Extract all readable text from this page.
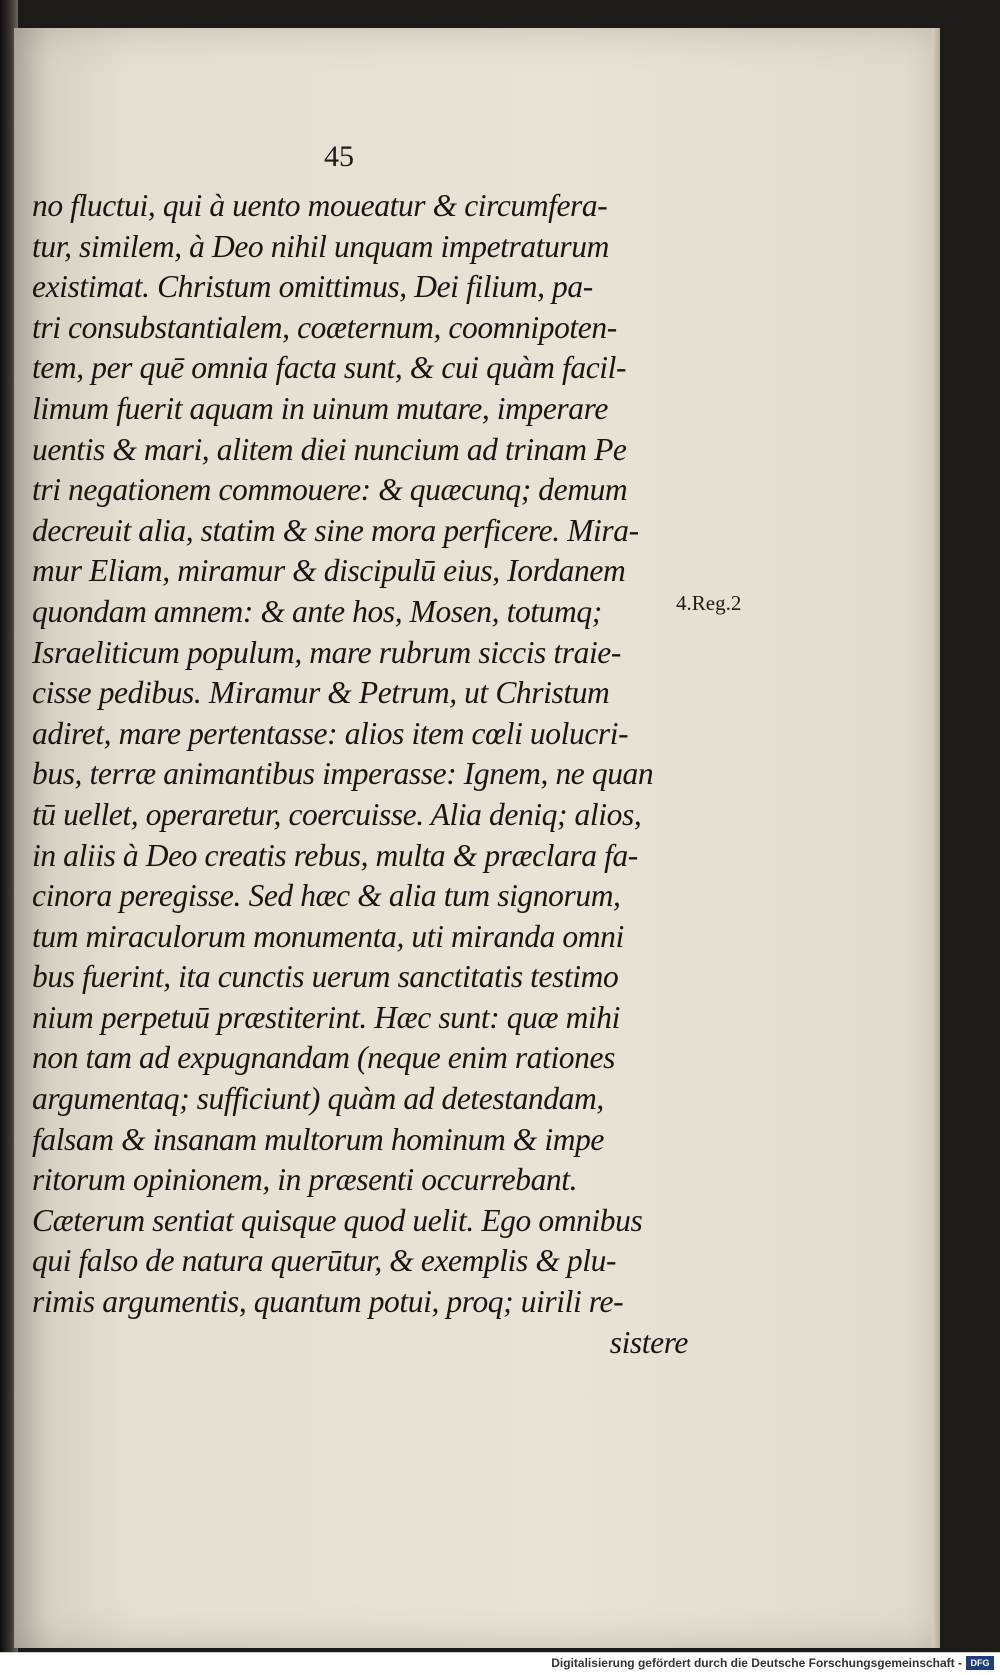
45
4.Reg.2
no fluctui, qui à uento moueatur & circumfera-
tur, similem, à Deo nihil unquam impetraturum
existimat. Christum omittimus, Dei filium, pa-
tri consubstantialem, coæternum, coomnipoten-
tem, per quē omnia facta sunt, & cui quàm facil-
limum fuerit aquam in uinum mutare, imperare
uentis & mari, alitem diei nuncium ad trinam Pe
tri negationem commouere: & quæcunq; demum
decreuit alia, statim & sine mora perficere. Mira-
mur Eliam, miramur & discipulū eius, Iordanem
quondam amnem: & ante hos, Mosen, totumq;
Israeliticum populum, mare rubrum siccis traie-
cisse pedibus. Miramur & Petrum, ut Christum
adiret, mare pertentasse: alios item cœli uolucri-
bus, terræ animantibus imperasse: Ignem, ne quan
tū uellet, operaretur, coercuisse. Alia deniq; alios,
in aliis à Deo creatis rebus, multa & præclara fa-
cinora peregisse. Sed hæc & alia tum signorum,
tum miraculorum monumenta, uti miranda omni
bus fuerint, ita cunctis uerum sanctitatis testimo
nium perpetuū præstiterint. Hæc sunt: quæ mihi
non tam ad expugnandam (neque enim rationes
argumentaq; sufficiunt) quàm ad detestandam,
falsam & insanam multorum hominum & impe
ritorum opinionem, in præsenti occurrebant.
Cæterum sentiat quisque quod uelit. Ego omnibus
qui falso de natura querūtur, & exemplis & plu-
rimis argumentis, quantum potui, proq; uirili re-
sistere
Digitalisierung gefördert durch die Deutsche Forschungsgemeinschaft - DFG
